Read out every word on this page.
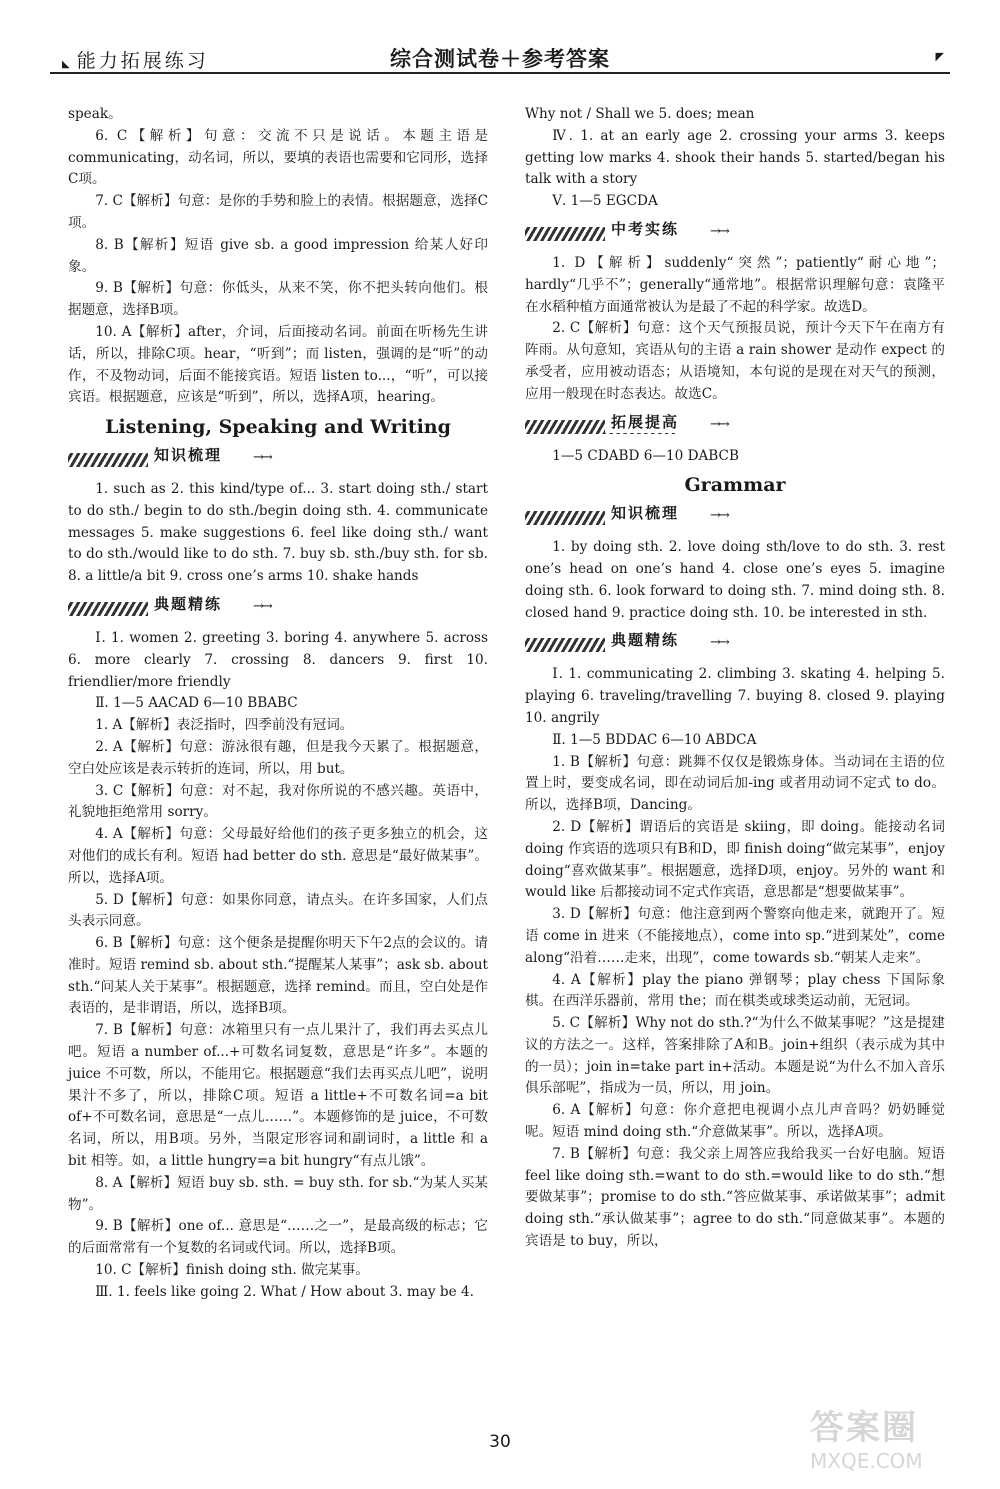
◣ 能力拓展练习	综合测试卷＋参考答案	◤
speak。
6. C【解析】句意：交流不只是说话。本题主语是communicating，动名词，所以，要填的表语也需要和它同形，选择C项。
7. C【解析】句意：是你的手势和脸上的表情。根据题意，选择C项。
8. B【解析】短语 give sb. a good impression 给某人好印象。
9. B【解析】句意：你低头，从来不笑，你不把头转向他们。根据题意，选择B项。
10. A【解析】after，介词，后面接动名词。前面在听杨先生讲话，所以，排除C项。hear，“听到”；而 listen，强调的是“听”的动作，不及物动词，后面不能接宾语。短语 listen to...，“听”，可以接宾语。根据题意，应该是“听到”，所以，选择A项，hearing。
Listening, Speaking and Writing
知识梳理	→→
1. such as 2. this kind/type of... 3. start doing sth./ start to do sth./ begin to do sth./begin doing sth. 4. communicate messages 5. make suggestions 6. feel like doing sth./ want to do sth./would like to do sth. 7. buy sb. sth./buy sth. for sb. 8. a little/a bit 9. cross one’s arms 10. shake hands
典题精练	→→
Ⅰ. 1. women 2. greeting 3. boring 4. anywhere 5. across 6. more clearly 7. crossing 8. dancers 9. first 10. friendlier/more friendly
Ⅱ. 1—5 AACAD 6—10 BBABC
1. A【解析】表泛指时，四季前没有冠词。
2. A【解析】句意：游泳很有趣，但是我今天累了。根据题意，空白处应该是表示转折的连词，所以，用 but。
3. C【解析】句意：对不起，我对你所说的不感兴趣。英语中，礼貌地拒绝常用 sorry。
4. A【解析】句意：父母最好给他们的孩子更多独立的机会，这对他们的成长有利。短语 had better do sth. 意思是“最好做某事”。所以，选择A项。
5. D【解析】句意：如果你同意，请点头。在许多国家，人们点头表示同意。
6. B【解析】句意：这个便条是提醒你明天下午2点的会议的。请准时。短语 remind sb. about sth.“提醒某人某事”；ask sb. about sth.“问某人关于某事”。根据题意，选择 remind。而且，空白处是作表语的，是非谓语，所以，选择B项。
7. B【解析】句意：冰箱里只有一点儿果汁了，我们再去买点儿吧。短语 a number of...+可数名词复数，意思是“许多”。本题的 juice 不可数，所以，不能用它。根据题意“我们去再买点儿吧”，说明果汁不多了，所以，排除C项。短语 a little+不可数名词=a bit of+不可数名词，意思是“一点儿……”。本题修饰的是 juice，不可数名词，所以，用B项。另外，当限定形容词和副词时，a little 和 a bit 相等。如，a little hungry=a bit hungry“有点儿饿”。
8. A【解析】短语 buy sb. sth. = buy sth. for sb.“为某人买某物”。
9. B【解析】one of... 意思是“……之一”，是最高级的标志；它的后面常常有一个复数的名词或代词。所以，选择B项。
10. C【解析】finish doing sth. 做完某事。
Ⅲ. 1. feels like going 2. What / How about 3. may be 4.
Why not / Shall we 5. does; mean
Ⅳ. 1. at an early age 2. crossing your arms 3. keeps getting low marks 4. shook their hands 5. started/began his talk with a story
Ⅴ. 1—5 EGCDA
中考实练	→→
1. D【解析】suddenly“突然”；patiently“耐心地”；hardly“几乎不”；generally“通常地”。根据常识理解句意：袁隆平在水稻种植方面通常被认为是最了不起的科学家。故选D。
2. C【解析】句意：这个天气预报员说，预计今天下午在南方有阵雨。从句意知，宾语从句的主语 a rain shower 是动作 expect 的承受者，应用被动语态；从语境知，本句说的是现在对天气的预测，应用一般现在时态表达。故选C。
拓展提高	→→
1—5 CDABD 6—10 DABCB
Grammar
知识梳理	→→
1. by doing sth. 2. love doing sth/love to do sth. 3. rest one’s head on one’s hand 4. close one’s eyes 5. imagine doing sth. 6. look forward to doing sth. 7. mind doing sth. 8. closed hand 9. practice doing sth. 10. be interested in sth.
典题精练	→→
Ⅰ. 1. communicating 2. climbing 3. skating 4. helping 5. playing 6. traveling/travelling 7. buying 8. closed 9. playing 10. angrily
Ⅱ. 1—5 BDDAC 6—10 ABDCA
1. B【解析】句意：跳舞不仅仅是锻炼身体。当动词在主语的位置上时，要变成名词，即在动词后加-ing 或者用动词不定式 to do。所以，选择B项，Dancing。
2. D【解析】谓语后的宾语是 skiing，即 doing。能接动名词 doing 作宾语的选项只有B和D，即 finish doing“做完某事”，enjoy doing“喜欢做某事”。根据题意，选择D项，enjoy。另外的 want 和 would like 后都接动词不定式作宾语，意思都是“想要做某事”。
3. D【解析】句意：他注意到两个警察向他走来，就跑开了。短语 come in 进来（不能接地点），come into sp.“进到某处”，come along“沿着……走来，出现”，come towards sb.“朝某人走来”。
4. A【解析】play the piano 弹钢琴；play chess 下国际象棋。在西洋乐器前，常用 the；而在棋类或球类运动前，无冠词。
5. C【解析】Why not do sth.?“为什么不做某事呢？”这是提建议的方法之一。这样，答案排除了A和B。join+组织（表示成为其中的一员）；join in=take part in+活动。本题是说“为什么不加入音乐俱乐部呢”，指成为一员，所以，用 join。
6. A【解析】句意：你介意把电视调小点儿声音吗？奶奶睡觉呢。短语 mind doing sth.“介意做某事”。所以，选择A项。
7. B【解析】句意：我父亲上周答应我给我买一台好电脑。短语 feel like doing sth.=want to do sth.=would like to do sth.“想要做某事”；promise to do sth.“答应做某事、承诺做某事”；admit doing sth.“承认做某事”；agree to do sth.“同意做某事”。本题的宾语是 to buy，所以，
30	答案圈
MXQE.COM
